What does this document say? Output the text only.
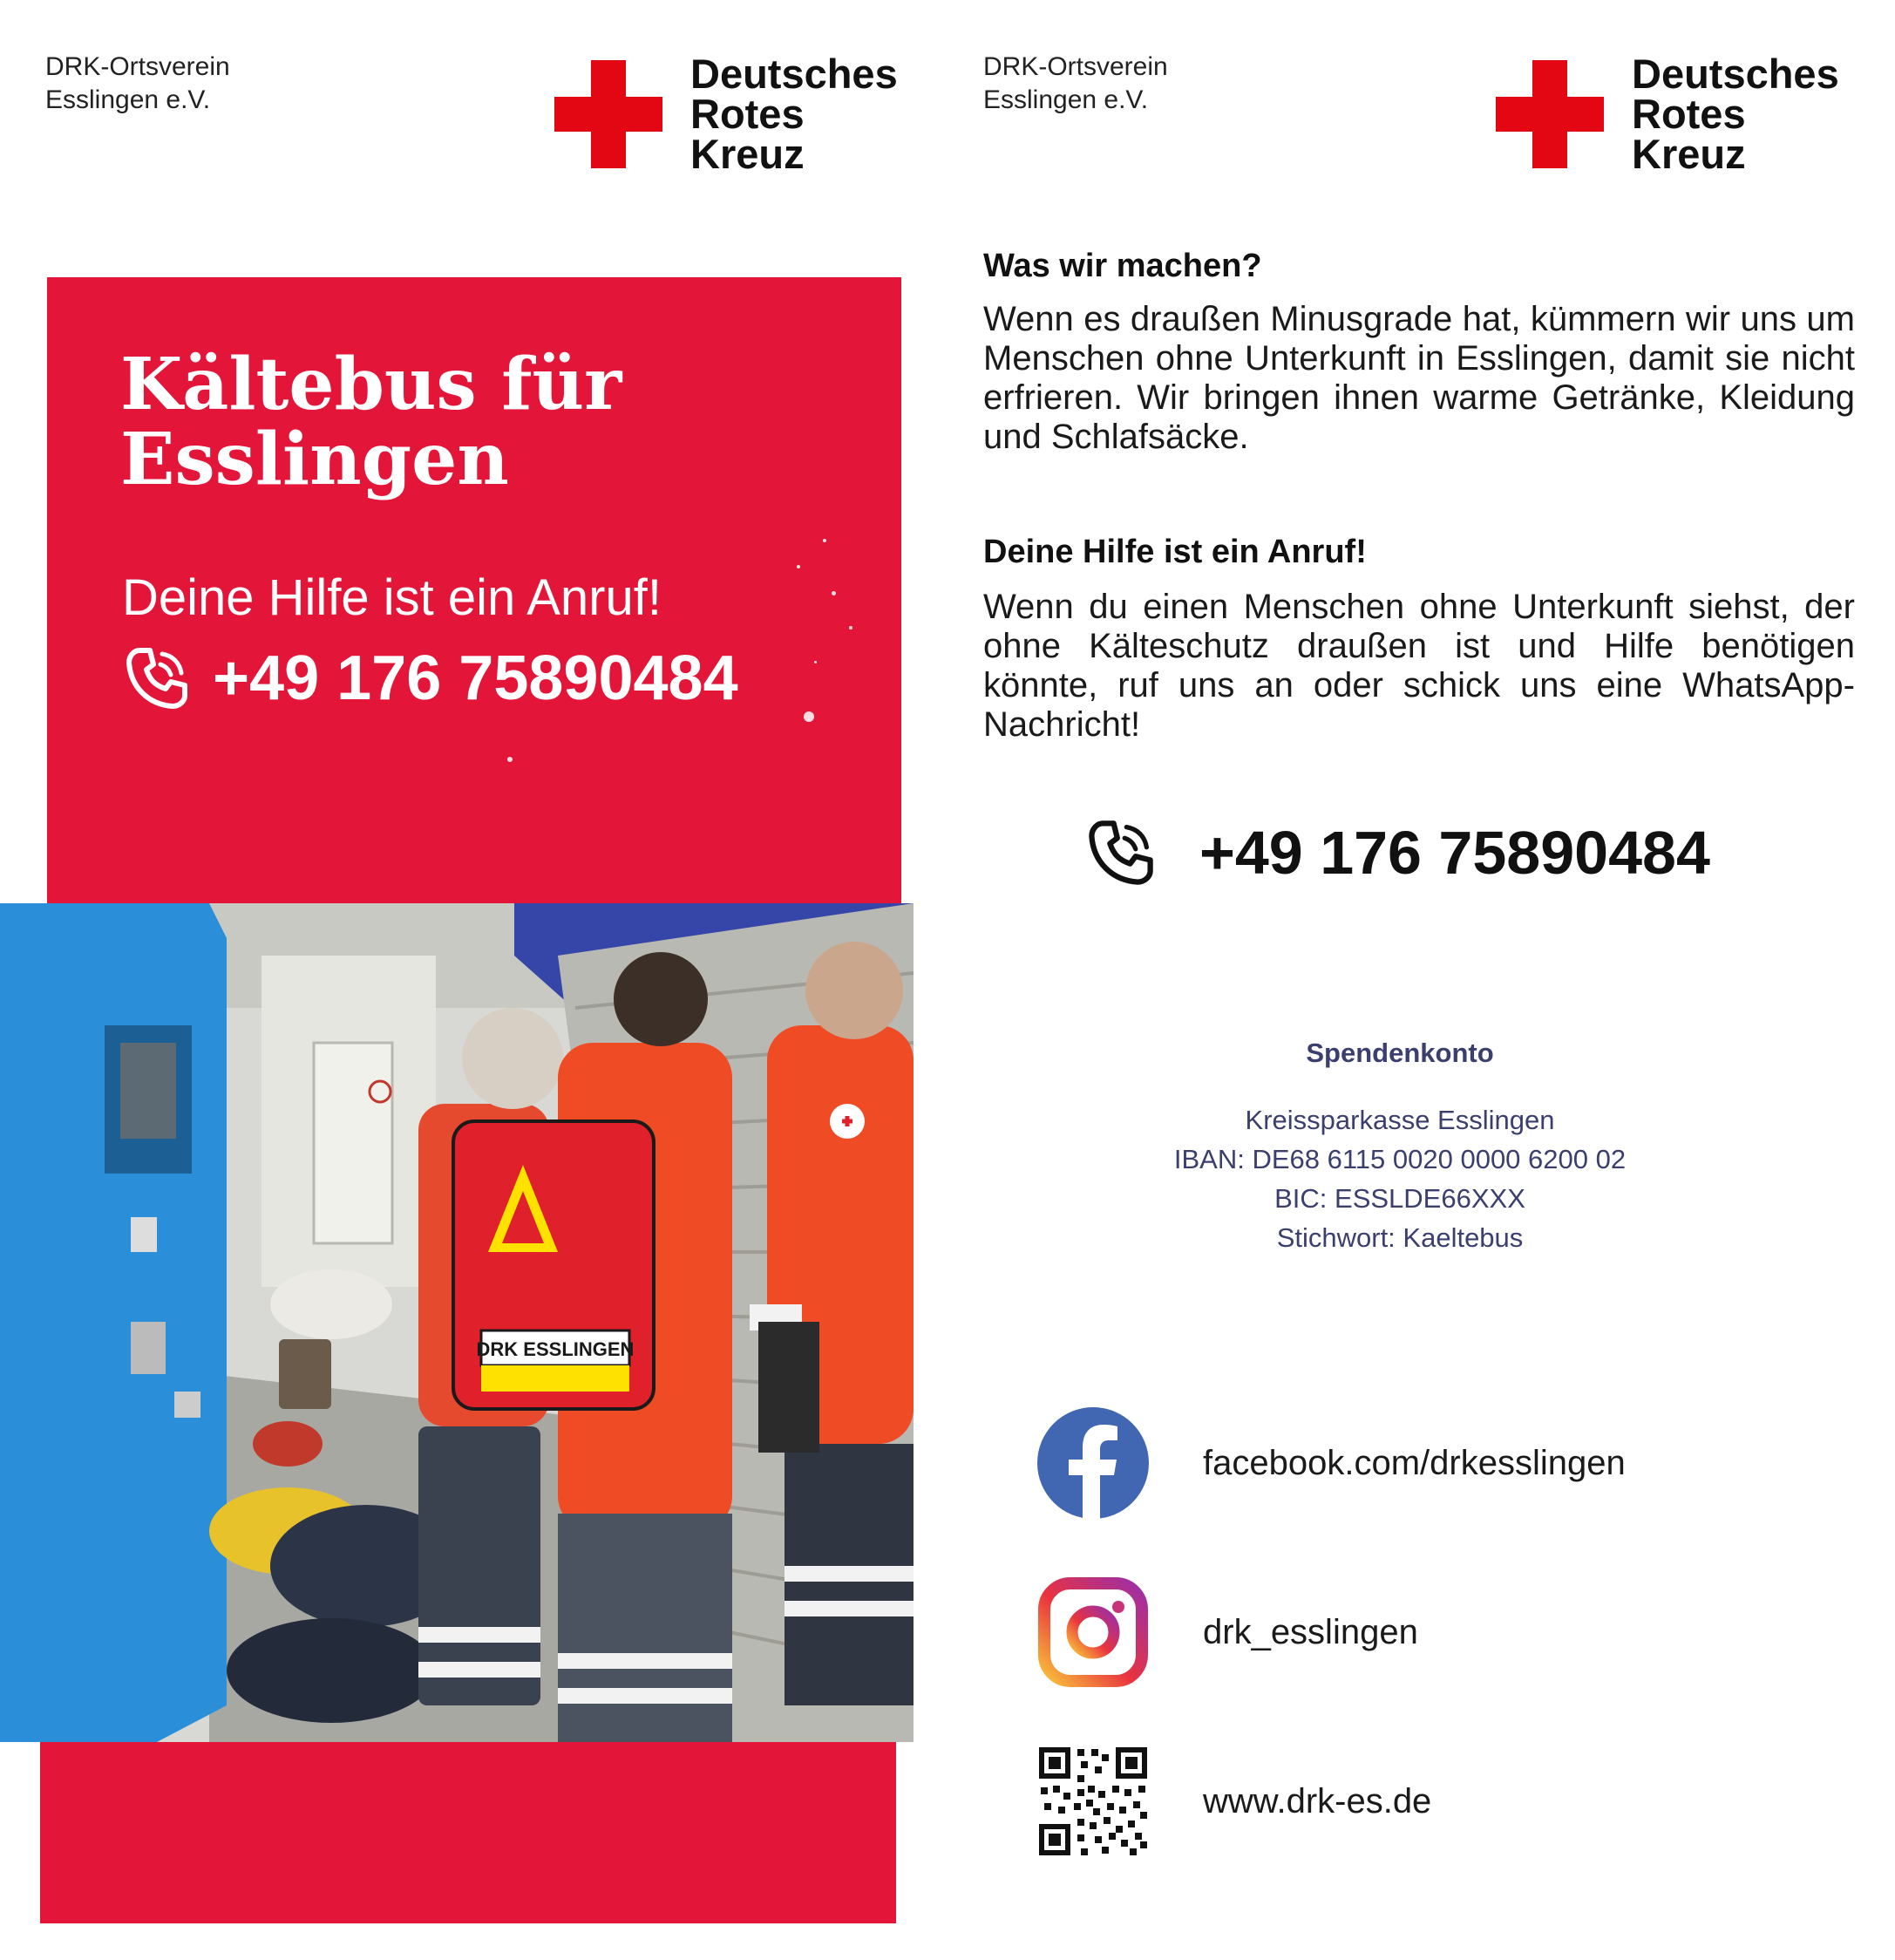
DRK-Ortsverein
Esslingen e.V.
Deutsches
Rotes
Kreuz
DRK-Ortsverein
Esslingen e.V.
Deutsches
Rotes
Kreuz
Kältebus für
Esslingen
Deine Hilfe ist ein Anruf!
+49 176 75890484
DRK ESSLINGEN
Was wir machen?
Wenn es draußen Minusgrade hat, kümmern wir uns um Menschen ohne Unterkunft in Esslingen, damit sie nicht erfrieren. Wir bringen ihnen warme Getränke, Kleidung und Schlafsäcke.
Deine Hilfe ist ein Anruf!
Wenn du einen Menschen ohne Unterkunft siehst, der ohne Kälteschutz draußen ist und Hilfe benötigen könnte, ruf uns an oder schick uns eine WhatsApp-Nachricht!
+49 176 75890484
Spendenkonto
Kreissparkasse Esslingen
IBAN: DE68 6115 0020 0000 6200 02
BIC: ESSLDE66XXX
Stichwort: Kaeltebus
facebook.com/drkesslingen
drk_esslingen
www.drk-es.de
